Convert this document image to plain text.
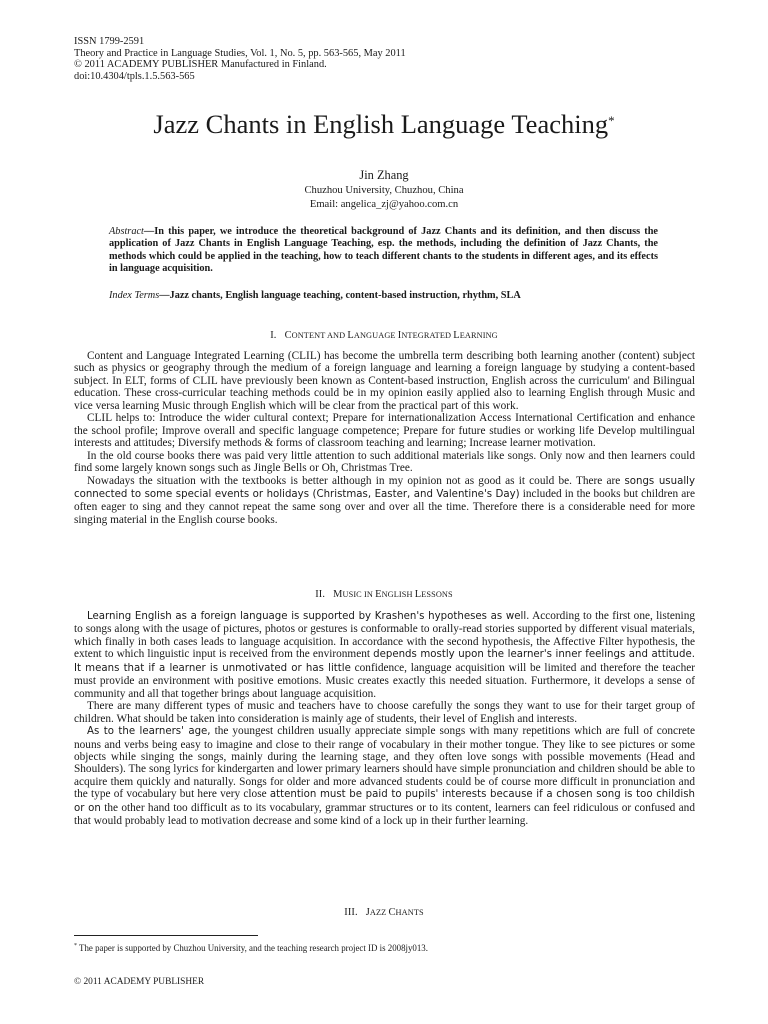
ISSN 1799-2591
Theory and Practice in Language Studies, Vol. 1, No. 5, pp. 563-565, May 2011
© 2011 ACADEMY PUBLISHER Manufactured in Finland.
doi:10.4304/tpls.1.5.563-565
Jazz Chants in English Language Teaching*
Jin Zhang
Chuzhou University, Chuzhou, China
Email: angelica_zj@yahoo.com.cn
Abstract—In this paper, we introduce the theoretical background of Jazz Chants and its definition, and then discuss the application of Jazz Chants in English Language Teaching, esp. the methods, including the definition of Jazz Chants, the methods which could be applied in the teaching, how to teach different chants to the students in different ages, and its effects in language acquisition.
Index Terms—Jazz chants, English language teaching, content-based instruction, rhythm, SLA
I. CONTENT AND LANGUAGE INTEGRATED LEARNING

Content and Language Integrated Learning (CLIL) has become the umbrella term describing both learning another (content) subject such as physics or geography through the medium of a foreign language and learning a foreign language by studying a content-based subject. In ELT, forms of CLIL have previously been known as Content-based instruction, English across the curriculum' and Bilingual education. These cross-curricular teaching methods could be in my opinion easily applied also to learning English through Music and vice versa learning Music through English which will be clear from the practical part of this work.

CLIL helps to: Introduce the wider cultural context; Prepare for internationalization Access International Certification and enhance the school profile; Improve overall and specific language competence; Prepare for future studies or working life Develop multilingual interests and attitudes; Diversify methods & forms of classroom teaching and learning; Increase learner motivation.

In the old course books there was paid very little attention to such additional materials like songs. Only now and then learners could find some largely known songs such as Jingle Bells or Oh, Christmas Tree.

Nowadays the situation with the textbooks is better although in my opinion not as good as it could be. There are songs usually connected to some special events or holidays (Christmas, Easter, and Valentine's Day) included in the books but children are often eager to sing and they cannot repeat the same song over and over all the time. Therefore there is a considerable need for more singing material in the English course books.

II. MUSIC IN ENGLISH LESSONS

Learning English as a foreign language is supported by Krashen's hypotheses as well. According to the first one, listening to songs along with the usage of pictures, photos or gestures is conformable to orally-read stories supported by different visual materials, which finally in both cases leads to language acquisition. In accordance with the second hypothesis, the Affective Filter hypothesis, the extent to which linguistic input is received from the environment depends mostly upon the learner's inner feelings and attitude. It means that if a learner is unmotivated or has little confidence, language acquisition will be limited and therefore the teacher must provide an environment with positive emotions. Music creates exactly this needed situation. Furthermore, it develops a sense of community and all that together brings about language acquisition.

There are many different types of music and teachers have to choose carefully the songs they want to use for their target group of children. What should be taken into consideration is mainly age of students, their level of English and interests.

As to the learners' age, the youngest children usually appreciate simple songs with many repetitions which are full of concrete nouns and verbs being easy to imagine and close to their range of vocabulary in their mother tongue. They like to see pictures or some objects while singing the songs, mainly during the learning stage, and they often love songs with possible movements (Head and Shoulders). The song lyrics for kindergarten and lower primary learners should have simple pronunciation and children should be able to acquire them quickly and naturally. Songs for older and more advanced students could be of course more difficult in pronunciation and the type of vocabulary but here very close attention must be paid to pupils' interests because if a chosen song is too childish or on the other hand too difficult as to its vocabulary, grammar structures or to its content, learners can feel ridiculous or confused and that would probably lead to motivation decrease and some kind of a lock up in their further learning.

III. JAZZ CHANTS
* The paper is supported by Chuzhou University, and the teaching research project ID is 2008jy013.
© 2011 ACADEMY PUBLISHER
